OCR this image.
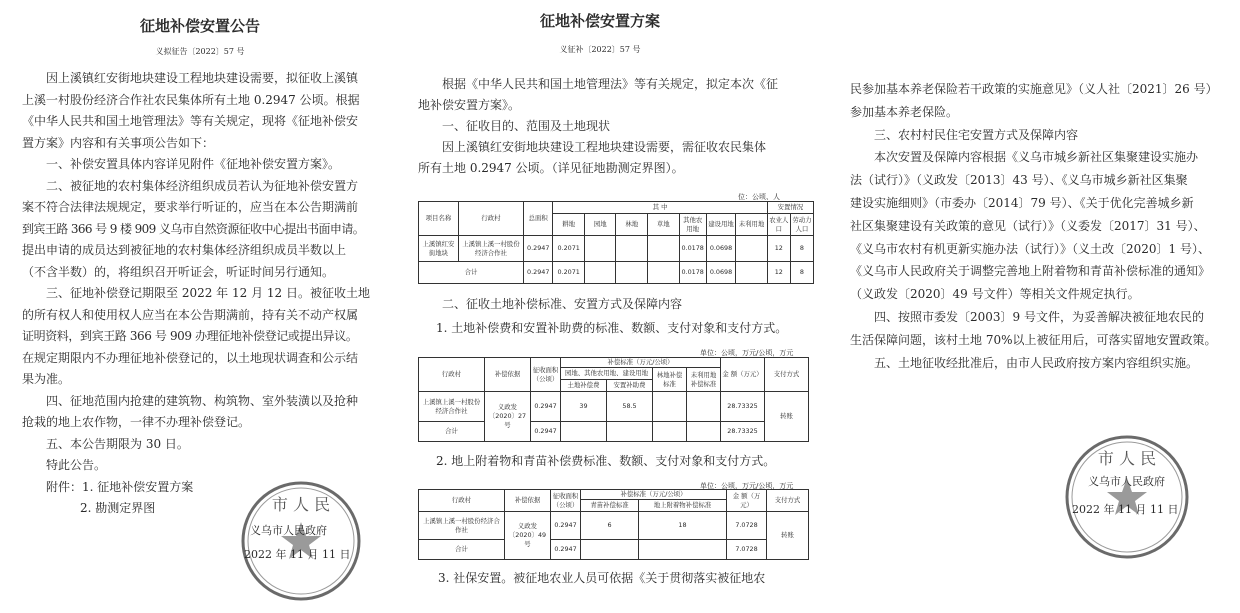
征地补偿安置公告
义拟征告〔2022〕57 号
因上溪镇红安街地块建设工程地块建设需要，拟征收上溪镇
上溪一村股份经济合作社农民集体所有土地 0.2947 公顷。根据
《中华人民共和国土地管理法》等有关规定，现将《征地补偿安
置方案》内容和有关事项公告如下：
一、补偿安置具体内容详见附件《征地补偿安置方案》。
二、被征地的农村集体经济组织成员若认为征地补偿安置方
案不符合法律法规规定，要求举行听证的，应当在本公告期满前
到宾王路 366 号 9 楼 909 义乌市自然资源征收中心提出书面申请。
提出申请的成员达到被征地的农村集体经济组织成员半数以上
（不含半数）的，将组织召开听证会，听证时间另行通知。
三、征地补偿登记期限至 2022 年 12 月 12 日。被征收土地
的所有权人和使用权人应当在本公告期满前，持有关不动产权属
证明资料，到宾王路 366 号 909 办理征地补偿登记或提出异议。
在规定期限内不办理征地补偿登记的，以土地现状调查和公示结
果为准。
四、征地范围内抢建的建筑物、构筑物、室外装潢以及抢种
抢栽的地上农作物，一律不办理补偿登记。
五、本公告期限为 30 日。
特此公告。
附件：1. 征地补偿安置方案
2. 勘测定界图	市 人 民
义乌市人民政府
2022 年 11 月 11 日
征地补偿安置方案
义征补〔2022〕57 号
根据《中华人民共和国土地管理法》等有关规定，拟定本次《征
地补偿安置方案》。
一、征收目的、范围及土地现状
因上溪镇红安街地块建设工程地块建设需要，需征收农民集体
所有土地 0.2947 公顷。（详见征地勘测定界图）。
位：公顷、人
项目名称	行政村	总面积	其 中							安置情况	
			耕地	园地	林地	草地	其他农用地	建设用地	未利用地	农业人口	劳动力人口
上溪镇红安街地块	上溪镇上溪一村股份经济合作社	0.2947	0.2071				0.0178	0.0698		12	8
合计		0.2947	0.2071				0.0178	0.0698		12	8
二、征收土地补偿标准、安置方式及保障内容
1. 土地补偿费和安置补助费的标准、数额、支付对象和支付方式。
单位：公顷，万元/公顷，万元
行政村	补偿依据	征收面积（公顷）	补偿标准（万元/公顷）				金 额（万元）	支付方式
			园地、其他农用地、建设用地		林地补偿标准	未利用地补偿标准		
			土地补偿费	安置补助费				
上溪镇上溪一村股份经济合作社	义政发〔2020〕27号	0.2947	39	58.5			28.73325	转账
合计		0.2947					28.73325	
2. 地上附着物和青苗补偿费标准、数额、支付对象和支付方式。
单位：公顷，万元/公顷，万元
行政村	补偿依据	征收面积（公顷）	补偿标准（万元/公顷）		金 额（万元）	支付方式
			青苗补偿标准	地上附着物补偿标准		
上溪镇上溪一村股份经济合作社	义政发〔2020〕49号	0.2947	6	18	7.0728	转账
合计		0.2947			7.0728	
3. 社保安置。被征地农业人员可依据《关于贯彻落实被征地农
民参加基本养老保险若干政策的实施意见》（义人社〔2021〕26 号）
参加基本养老保险。
三、农村村民住宅安置方式及保障内容
本次安置及保障内容根据《义乌市城乡新社区集聚建设实施办
法（试行）》（义政发〔2013〕43 号）、《义乌市城乡新社区集聚
建设实施细则》（市委办〔2014〕79 号）、《关于优化完善城乡新
社区集聚建设有关政策的意见（试行）》（义委发〔2017〕31 号）、
《义乌市农村有机更新实施办法（试行）》（义土改〔2020〕1 号）、
《义乌市人民政府关于调整完善地上附着物和青苗补偿标准的通知》
（义政发〔2020〕49 号文件）等相关文件规定执行。
四、按照市委发〔2003〕9 号文件，为妥善解决被征地农民的
生活保障问题，该村土地 70%以上被征用后，可落实留地安置政策。
五、土地征收经批准后，由市人民政府按方案内容组织实施。
市 人 民
义乌市人民政府
2022 年 11 月 11 日
